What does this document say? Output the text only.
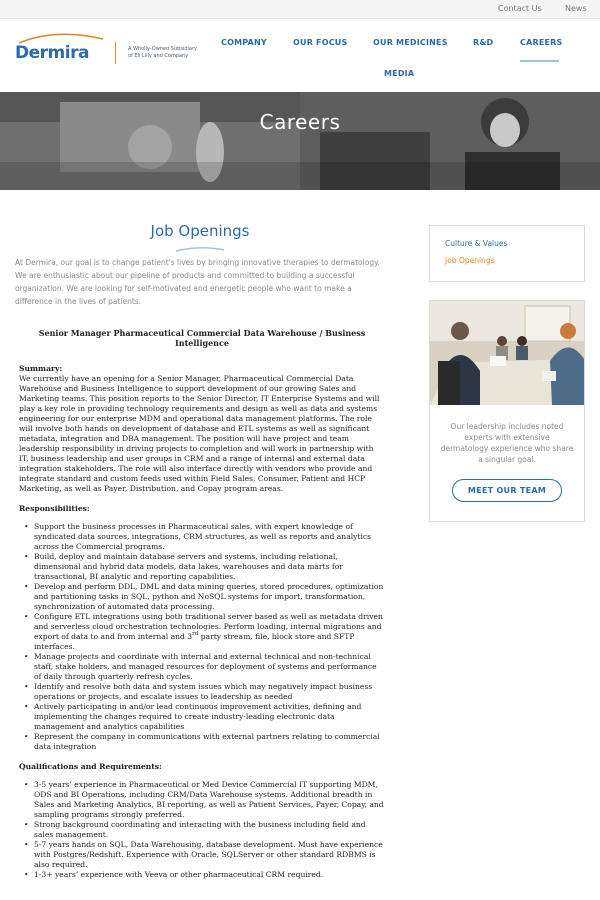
Contact Us	News
Dermira	A Wholly-Owned Subsidiary
of Eli Lilly and Company
COMPANY	OUR FOCUS	OUR MEDICINES	R&D	CAREERS
MEDIA
Careers
Job Openings

At Dermira, our goal is to change patient's lives by bringing innovative therapies to dermatology. We are enthusiastic about our pipeline of products and committed to building a successful organization. We are looking for self-motivated and energetic people who want to make a difference in the lives of patients.

Senior Manager Pharmaceutical Commercial Data Warehouse / Business Intelligence
Summary:

We currently have an opening for a Senior Manager, Pharmaceutical Commercial Data Warehouse and Business Intelligence to support development of our growing Sales and Marketing teams. This position reports to the Senior Director, IT Enterprise Systems and will play a key role in providing technology requirements and design as well as data and systems engineering for our enterprise MDM and operational data management platforms. The role will involve both hands on development of database and ETL systems as well as significant metadata, integration and DBA management. The position will have project and team leadership responsibility in driving projects to completion and will work in partnership with IT, business leadership and user groups in CRM and a range of internal and external data integration stakeholders. The role will also interface directly with vendors who provide and integrate standard and custom feeds used within Field Sales, Consumer, Patient and HCP Marketing, as well as Payer, Distribution, and Copay program areas.

Responsibilities:
• Support the business processes in Pharmaceutical sales, with expert knowledge of syndicated data sources, integrations, CRM structures, as well as reports and analytics across the Commercial programs.
• Build, deploy and maintain database servers and systems, including relational, dimensional and hybrid data models, data lakes, warehouses and data marts for transactional, BI analytic and reporting capabilities.
• Develop and perform DDL, DML and data mining queries, stored procedures, optimization and partitioning tasks in SQL, python and NoSQL systems for import, transformation, synchronization of automated data processing.
• Configure ETL integrations using both traditional server based as well as metadata driven and serverless cloud orchestration technologies. Perform loading, internal migrations and export of data to and from internal and 3rd party stream, file, block store and SFTP interfaces.
• Manage projects and coordinate with internal and external technical and non-technical staff, stake holders, and managed resources for deployment of systems and performance of daily through quarterly refresh cycles.
• Identify and resolve both data and system issues which may negatively impact business operations or projects, and escalate issues to leadership as needed
• Actively participating in and/or lead continuous improvement activities, defining and implementing the changes required to create industry-leading electronic data management and analytics capabilities
• Represent the company in communications with external partners relating to commercial data integration
Qualifications and Requirements:
• 3-5 years’ experience in Pharmaceutical or Med Device Commercial IT supporting MDM, ODS and BI Operations, including CRM/Data Warehouse systems. Additional breadth in Sales and Marketing Analytics, BI reporting, as well as Patient Services, Payer, Copay, and sampling programs strongly preferred.
• Strong background coordinating and interacting with the business including field and sales management.
• 5-7 years hands on SQL, Data Warehousing, database development. Must have experience with Postgres/Redshift. Experience with Oracle, SQLServer or other standard RDBMS is also required.
• 1-3+ years’ experience with Veeva or other pharmaceutical CRM required.
Culture & Values
Job Openings

Our leadership includes noted experts with extensive dermatology experience who share a singular goal.

MEET OUR TEAM
